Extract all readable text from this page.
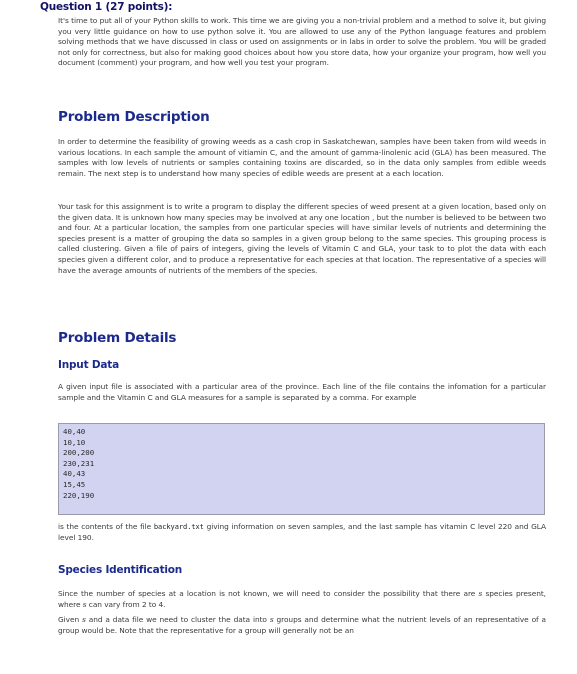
Question 1 (27 points):

It's time to put all of your Python skills to work. This time we are giving you a non-trivial problem and a method to solve it, but giving you very little guidance on how to use python solve it. You are allowed to use any of the Python language features and problem solving methods that we have discussed in class or used on assignments or in labs in order to solve the problem. You will be graded not only for correctness, but also for making good choices about how you store data, how your organize your program, how well you document (comment) your program, and how well you test your program.

Problem Description

In order to determine the feasibility of growing weeds as a cash crop in Saskatchewan, samples have been taken from wild weeds in various locations. In each sample the amount of vitiamin C, and the amount of gamma-linolenic acid (GLA) has been measured. The samples with low levels of nutrients or samples containing toxins are discarded, so in the data only samples from edible weeds remain. The next step is to understand how many species of edible weeds are present at a each location.

Your task for this assignment is to write a program to display the different species of weed present at a given location, based only on the given data. It is unknown how many species may be involved at any one location , but the number is believed to be between two and four. At a particular location, the samples from one particular species will have similar levels of nutrients and determining the species present is a matter of grouping the data so samples in a given group belong to the same species. This grouping process is called clustering. Given a file of pairs of integers, giving the levels of Vitamin C and GLA, your task to to plot the data with each species given a different color, and to produce a representative for each species at that location. The representative of a species will have the average amounts of nutrients of the members of the species.

Problem Details
Input Data

A given input file is associated with a particular area of the province. Each line of the file contains the infomation for a particular sample and the Vitamin C and GLA measures for a sample is separated by a comma. For example

40,40
10,10
200,200
230,231
40,43
15,45
220,190

is the contents of the file backyard.txt giving information on seven samples, and the last sample has vitamin C level 220 and GLA level 190.

Species Identification

Since the number of species at a location is not known, we will need to consider the possibility that there are s species present, where s can vary from 2 to 4.

Given s and a data file we need to cluster the data into s groups and determine what the nutrient levels of an representative of a group would be. Note that the representative for a group will generally not be an
